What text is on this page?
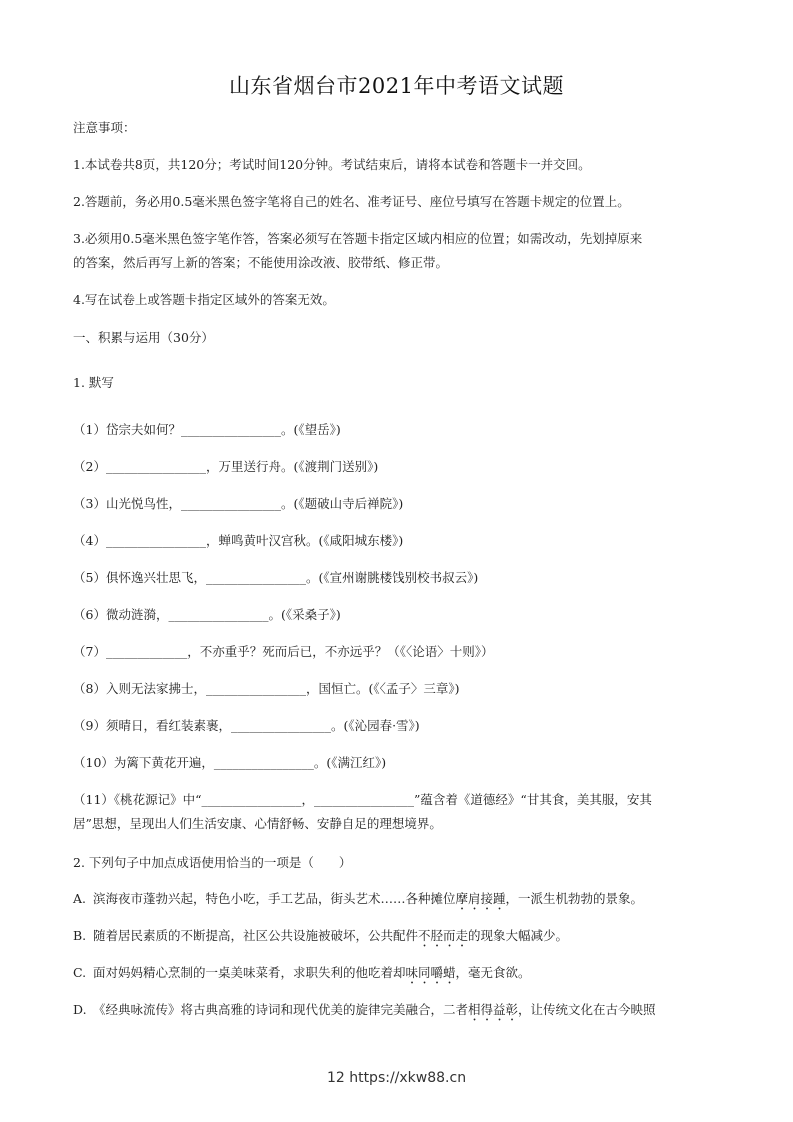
山东省烟台市2021年中考语文试题
注意事项：
1.本试卷共8页，共120分；考试时间120分钟。考试结束后，请将本试卷和答题卡一并交回。
2.答题前，务必用0.5毫米黑色签字笔将自己的姓名、准考证号、座位号填写在答题卡规定的位置上。
3.必须用0.5毫米黑色签字笔作答，答案必须写在答题卡指定区域内相应的位置；如需改动，先划掉原来
的答案，然后再写上新的答案；不能使用涂改液、胶带纸、修正带。
4.写在试卷上或答题卡指定区域外的答案无效。
一、积累与运用（30分）
1. 默写
（1）岱宗夫如何？________________。(《望岳》)
（2）________________，万里送行舟。(《渡荆门送别》)
（3）山光悦鸟性，________________。(《题破山寺后禅院》)
（4）________________，蝉鸣黄叶汉宫秋。(《咸阳城东楼》)
（5）俱怀逸兴壮思飞，________________。(《宣州谢朓楼饯别校书叔云》)
（6）微动涟漪，________________。(《采桑子》)
（7）_____________，不亦重乎？死而后已，不亦远乎？（《〈论语〉十则》）
（8）入则无法家拂士，________________，国恒亡。(《〈孟子〉三章》)
（9）须晴日，看红装素裹，________________。(《沁园春·雪》)
（10）为篱下黄花开遍，________________。(《满江红》)
（11）《桃花源记》中“________________，________________”蕴含着《道德经》“甘其食，美其服，安其
居”思想，呈现出人们生活安康、心情舒畅、安静自足的理想境界。
2. 下列句子中加点成语使用恰当的一项是（　　）
A. 滨海夜市蓬勃兴起，特色小吃，手工艺品，街头艺术……各种摊位摩肩接踵，一派生机勃勃的景象。
B. 随着居民素质的不断提高，社区公共设施被破坏，公共配件不胫而走的现象大幅减少。
C. 面对妈妈精心烹制的一桌美味菜肴，求职失利的他吃着却味同嚼蜡，毫无食欲。
D. 《经典咏流传》将古典高雅的诗词和现代优美的旋律完美融合，二者相得益彰，让传统文化在古今映照
12 https://xkw88.cn
